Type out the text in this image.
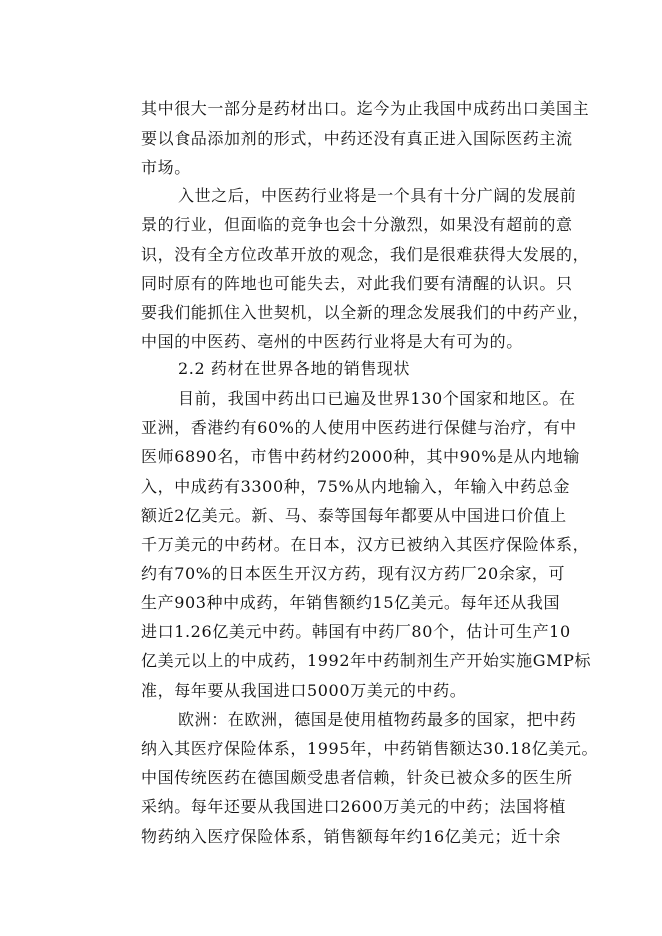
其中很大一部分是药材出口。迄今为止我国中成药出口美国主
要以食品添加剂的形式，中药还没有真正进入国际医药主流
市场。
入世之后，中医药行业将是一个具有十分广阔的发展前
景的行业，但面临的竞争也会十分激烈，如果没有超前的意
识，没有全方位改革开放的观念，我们是很难获得大发展的，
同时原有的阵地也可能失去，对此我们要有清醒的认识。只
要我们能抓住入世契机，以全新的理念发展我们的中药产业，
中国的中医药、亳州的中医药行业将是大有可为的。
2.2 药材在世界各地的销售现状
目前，我国中药出口已遍及世界130个国家和地区。在
亚洲，香港约有60%的人使用中医药进行保健与治疗，有中
医师6890名，市售中药材约2000种，其中90%是从内地输
入，中成药有3300种，75%从内地输入，年输入中药总金
额近2亿美元。新、马、泰等国每年都要从中国进口价值上
千万美元的中药材。在日本，汉方已被纳入其医疗保险体系，
约有70%的日本医生开汉方药，现有汉方药厂20余家，可
生产903种中成药，年销售额约15亿美元。每年还从我国
进口1.26亿美元中药。韩国有中药厂80个，估计可生产10
亿美元以上的中成药，1992年中药制剂生产开始实施GMP标
准，每年要从我国进口5000万美元的中药。
欧洲：在欧洲，德国是使用植物药最多的国家，把中药
纳入其医疗保险体系，1995年，中药销售额达30.18亿美元。
中国传统医药在德国颇受患者信赖，针灸已被众多的医生所
采纳。每年还要从我国进口2600万美元的中药；法国将植
物药纳入医疗保险体系，销售额每年约16亿美元；近十余
